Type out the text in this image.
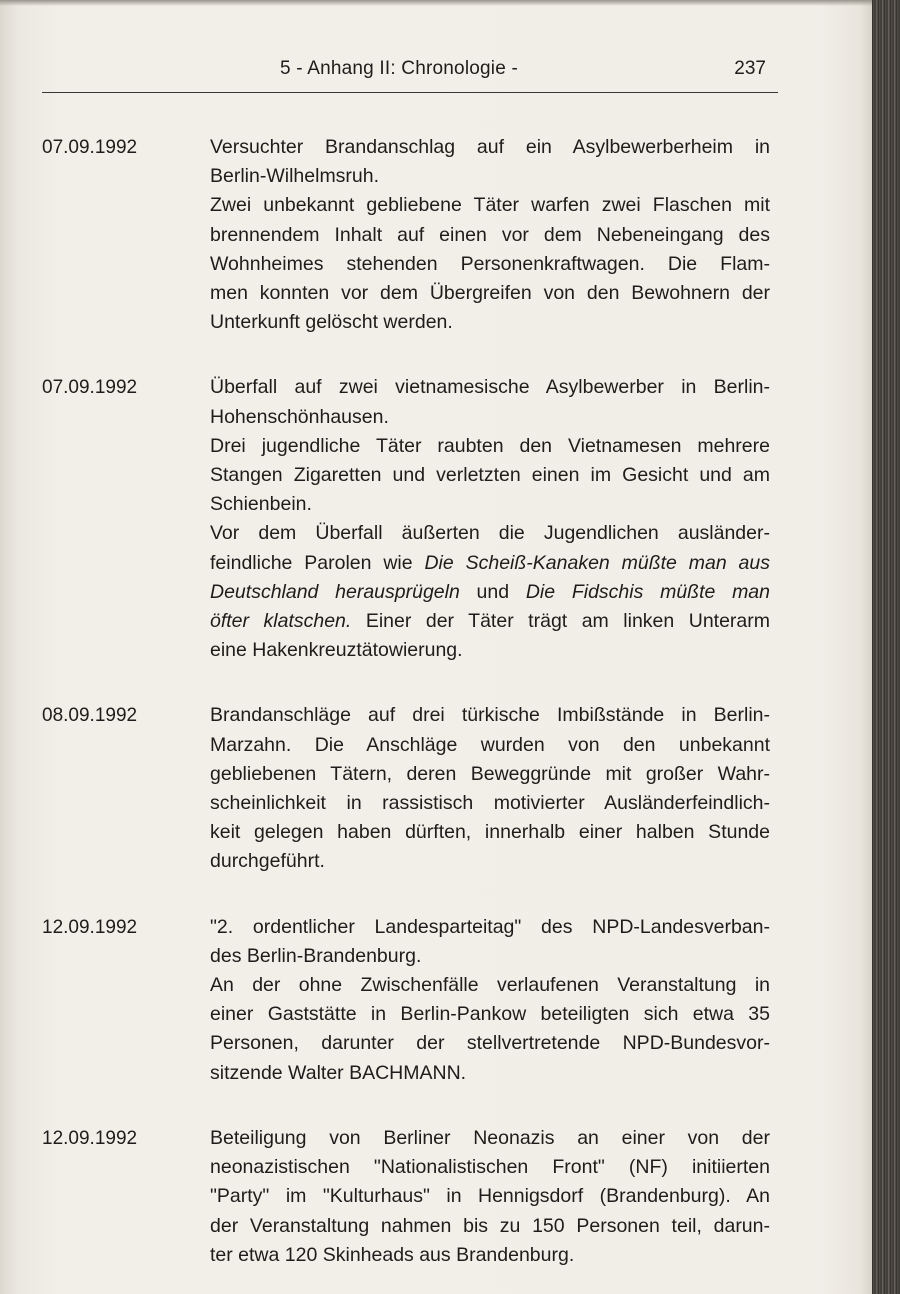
5 - Anhang II: Chronologie -	237
07.09.1992	Versuchter Brandanschlag auf ein Asylbewerberheim in
Berlin-Wilhelmsruh.
Zwei unbekannt gebliebene Täter warfen zwei Flaschen mit
brennendem Inhalt auf einen vor dem Nebeneingang des
Wohnheimes stehenden Personenkraftwagen. Die Flam-
men konnten vor dem Übergreifen von den Bewohnern der
Unterkunft gelöscht werden.

07.09.1992	Überfall auf zwei vietnamesische Asylbewerber in Berlin-
Hohenschönhausen.
Drei jugendliche Täter raubten den Vietnamesen mehrere
Stangen Zigaretten und verletzten einen im Gesicht und am
Schienbein.
Vor dem Überfall äußerten die Jugendlichen ausländer-
feindliche Parolen wie Die Scheiß-Kanaken müßte man aus
Deutschland herausprügeln und Die Fidschis müßte man
öfter klatschen. Einer der Täter trägt am linken Unterarm
eine Hakenkreuztätowierung.

08.09.1992	Brandanschläge auf drei türkische Imbißstände in Berlin-
Marzahn. Die Anschläge wurden von den unbekannt
gebliebenen Tätern, deren Beweggründe mit großer Wahr-
scheinlichkeit in rassistisch motivierter Ausländerfeindlich-
keit gelegen haben dürften, innerhalb einer halben Stunde
durchgeführt.

12.09.1992	"2. ordentlicher Landesparteitag" des NPD-Landesverban-
des Berlin-Brandenburg.
An der ohne Zwischenfälle verlaufenen Veranstaltung in
einer Gaststätte in Berlin-Pankow beteiligten sich etwa 35
Personen, darunter der stellvertretende NPD-Bundesvor-
sitzende Walter BACHMANN.

12.09.1992	Beteiligung von Berliner Neonazis an einer von der
neonazistischen "Nationalistischen Front" (NF) initiierten
"Party" im "Kulturhaus" in Hennigsdorf (Brandenburg). An
der Veranstaltung nahmen bis zu 150 Personen teil, darun-
ter etwa 120 Skinheads aus Brandenburg.
